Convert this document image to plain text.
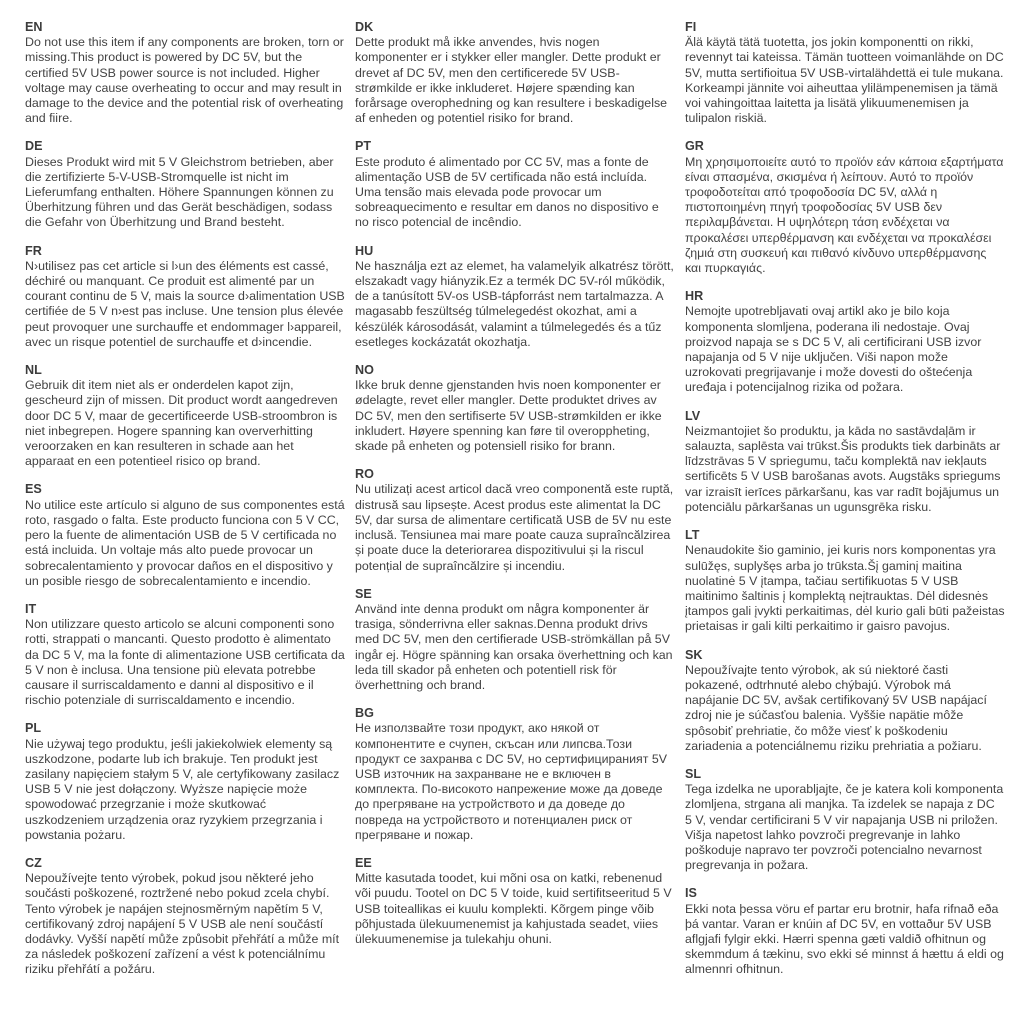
EN
Do not use this item if any components are broken, torn or missing.This product is powered by DC 5V, but the certified 5V USB power source is not included. Higher voltage may cause overheating to occur and may result in damage to the device and the potential risk of overheating and fiire.
DE
Dieses Produkt wird mit 5 V Gleichstrom betrieben, aber die zertifizierte 5-V-USB-Stromquelle ist nicht im Lieferumfang enthalten. Höhere Spannungen können zu Überhitzung führen und das Gerät beschädigen, sodass die Gefahr von Überhitzung und Brand besteht.
FR
N›utilisez pas cet article si l›un des éléments est cassé, déchiré ou manquant. Ce produit est alimenté par un courant continu de 5 V, mais la source d›alimentation USB certifiée de 5 V n›est pas incluse. Une tension plus élevée peut provoquer une surchauffe et endommager l›appareil, avec un risque potentiel de surchauffe et d›incendie.
NL
Gebruik dit item niet als er onderdelen kapot zijn, gescheurd zijn of missen. Dit product wordt aangedreven door DC 5 V, maar de gecertificeerde USB-stroombron is niet inbegrepen. Hogere spanning kan oververhitting veroorzaken en kan resulteren in schade aan het apparaat en een potentieel risico op brand.
ES
No utilice este artículo si alguno de sus componentes está roto, rasgado o falta. Este producto funciona con 5 V CC, pero la fuente de alimentación USB de 5 V certificada no está incluida. Un voltaje más alto puede provocar un sobrecalentamiento y provocar daños en el dispositivo y un posible riesgo de sobrecalentamiento e incendio.
IT
Non utilizzare questo articolo se alcuni componenti sono rotti, strappati o mancanti. Questo prodotto è alimentato da DC 5 V, ma la fonte di alimentazione USB certificata da 5 V non è inclusa. Una tensione più elevata potrebbe causare il surriscaldamento e danni al dispositivo e il rischio potenziale di surriscaldamento e incendio.
PL
Nie używaj tego produktu, jeśli jakiekolwiek elementy są uszkodzone, podarte lub ich brakuje. Ten produkt jest zasilany napięciem stałym 5 V, ale certyfikowany zasilacz USB 5 V nie jest dołączony. Wyższe napięcie może spowodować przegrzanie i może skutkować uszkodzeniem urządzenia oraz ryzykiem przegrzania i powstania pożaru.
CZ
Nepoužívejte tento výrobek, pokud jsou některé jeho součásti poškozené, roztržené nebo pokud zcela chybí. Tento výrobek je napájen stejnosměrným napětím 5 V, certifikovaný zdroj napájení 5 V USB ale není součástí dodávky. Vyšší napětí může způsobit přehřátí a může mít za následek poškození zařízení a vést k potenciálnímu riziku přehřátí a požáru.
DK
Dette produkt må ikke anvendes, hvis nogen komponenter er i stykker eller mangler. Dette produkt er drevet af DC 5V, men den certificerede 5V USB-strømkilde er ikke inkluderet. Højere spænding kan forårsage overophedning og kan resultere i beskadigelse af enheden og potentiel risiko for brand.
PT
Este produto é alimentado por CC 5V, mas a fonte de alimentação USB de 5V certificada não está incluída. Uma tensão mais elevada pode provocar um sobreaquecimento e resultar em danos no dispositivo e no risco potencial de incêndio.
HU
Ne használja ezt az elemet, ha valamelyik alkatrész törött, elszakadt vagy hiányzik.Ez a termék DC 5V-ról működik, de a tanúsított 5V-os USB-tápforrást nem tartalmazza. A magasabb feszültség túlmelegedést okozhat, ami a készülék károsodását, valamint a túlmelegedés és a tűz esetleges kockázatát okozhatja.
NO
Ikke bruk denne gjenstanden hvis noen komponenter er ødelagte, revet eller mangler. Dette produktet drives av DC 5V, men den sertifiserte 5V USB-strømkilden er ikke inkludert. Høyere spenning kan føre til overoppheting, skade på enheten og potensiell risiko for brann.
RO
Nu utilizați acest articol dacă vreo componentă este ruptă, distrusă sau lipsește. Acest produs este alimentat la DC 5V, dar sursa de alimentare certificată USB de 5V nu este inclusă. Tensiunea mai mare poate cauza supraîncălzirea și poate duce la deteriorarea dispozitivului și la riscul potențial de supraîncălzire și incendiu.
SE
Använd inte denna produkt om några komponenter är trasiga, sönderrivna eller saknas.Denna produkt drivs med DC 5V, men den certifierade USB-strömkällan på 5V ingår ej. Högre spänning kan orsaka överhettning och kan leda till skador på enheten och potentiell risk för överhettning och brand.
BG
Не използвайте този продукт, ако някой от компонентите е счупен, скъсан или липсва.Този продукт се захранва с DC 5V, но сертифицираният 5V USB източник на захранване не е включен в комплекта. По-високото напрежение може да доведе до прегряване на устройството и да доведе до повреда на устройството и потенциален риск от прегряване и пожар.
EE
Mitte kasutada toodet, kui mõni osa on katki, rebenenud või puudu. Tootel on DC 5 V toide, kuid sertifitseeritud 5 V USB toiteallikas ei kuulu komplekti. Kõrgem pinge võib põhjustada ülekuumenemist ja kahjustada seadet, viies ülekuumenemise ja tulekahju ohuni.
FI
Älä käytä tätä tuotetta, jos jokin komponentti on rikki, revennyt tai kateissa. Tämän tuotteen voimanlähde on DC 5V, mutta sertifioitua 5V USB-virtalähdettä ei tule mukana. Korkeampi jännite voi aiheuttaa ylilämpenemisen ja tämä voi vahingoittaa laitetta ja lisätä ylikuumenemisen ja tulipalon riskiä.
GR
Μη χρησιμοποιείτε αυτό το προϊόν εάν κάποια εξαρτήματα είναι σπασμένα, σκισμένα ή λείπουν. Αυτό το προϊόν τροφοδοτείται από τροφοδοσία DC 5V, αλλά η πιστοποιημένη πηγή τροφοδοσίας 5V USB δεν περιλαμβάνεται. Η υψηλότερη τάση ενδέχεται να προκαλέσει υπερθέρμανση και ενδέχεται να προκαλέσει ζημιά στη συσκευή και πιθανό κίνδυνο υπερθέρμανσης και πυρκαγιάς.
HR
Nemojte upotrebljavati ovaj artikl ako je bilo koja komponenta slomljena, poderana ili nedostaje. Ovaj proizvod napaja se s DC 5 V, ali certificirani USB izvor napajanja od 5 V nije uključen. Viši napon može uzrokovati pregrijavanje i može dovesti do oštećenja uređaja i potencijalnog rizika od požara.
LV
Neizmantojiet šo produktu, ja kāda no sastāvdaļām ir salauzta, saplēsta vai trūkst.Šis produkts tiek darbināts ar līdzstrāvas 5 V spriegumu, taču komplektā nav iekļauts sertificēts 5 V USB barošanas avots. Augstāks spriegums var izraisīt ierīces pārkaršanu, kas var radīt bojājumus un potenciālu pārkaršanas un ugunsgrēka risku.
LT
Nenaudokite šio gaminio, jei kuris nors komponentas yra sulūžęs, suplyšęs arba jo trūksta.Šį gaminį maitina nuolatinė 5 V įtampa, tačiau sertifikuotas 5 V USB maitinimo šaltinis į komplektą neįtrauktas. Dėl didesnės įtampos gali įvykti perkaitimas, dėl kurio gali būti pažeistas prietaisas ir gali kilti perkaitimo ir gaisro pavojus.
SK
Nepoužívajte tento výrobok, ak sú niektoré časti pokazené, odtrhnuté alebo chýbajú. Výrobok má napájanie DC 5V, avšak certifikovaný 5V USB napájací zdroj nie je súčasťou balenia. Vyššie napätie môže spôsobiť prehriatie, čo môže viesť k poškodeniu zariadenia a potenciálnemu riziku prehriatia a požiaru.
SL
Tega izdelka ne uporabljajte, če je katera koli komponenta zlomljena, strgana ali manjka. Ta izdelek se napaja z DC 5 V, vendar certificirani 5 V vir napajanja USB ni priložen. Višja napetost lahko povzroči pregrevanje in lahko poškoduje napravo ter povzroči potencialno nevarnost pregrevanja in požara.
IS
Ekki nota þessa vöru ef partar eru brotnir, hafa rifnað eða þá vantar. Varan er knúin af DC 5V, en vottaður 5V USB aflgjafi fylgir ekki. Hærri spenna gæti valdið ofhitnun og skemmdum á tækinu, svo ekki sé minnst á hættu á eldi og almennri ofhitnun.
